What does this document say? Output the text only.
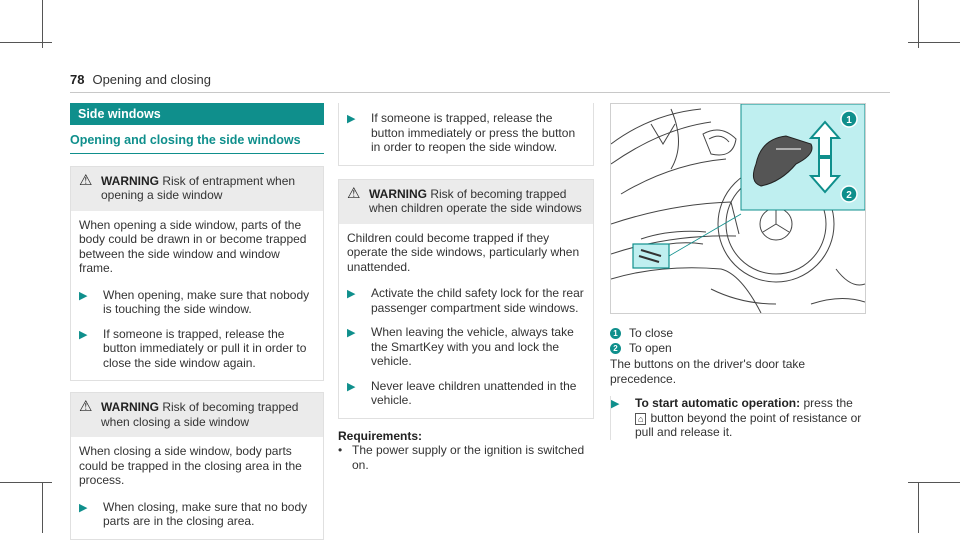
78 Opening and closing
Side windows
Opening and closing the side windows
⚠ WARNING Risk of entrapment when opening a side window

When opening a side window, parts of the body could be drawn in or become trapped between the side window and window frame.

▶	When opening, make sure that nobody is touching the side window.
▶	If someone is trapped, release the button immediately or pull it in order to close the side window again.
⚠ WARNING Risk of becoming trapped when closing a side window

When closing a side window, body parts could be trapped in the closing area in the process.

▶	When closing, make sure that no body parts are in the closing area.
▶	If someone is trapped, release the button immediately or press the button in order to reopen the side window.
⚠ WARNING Risk of becoming trapped when children operate the side windows

Children could become trapped if they operate the side windows, particularly when unattended.

▶	Activate the child safety lock for the rear passenger compartment side windows.
▶	When leaving the vehicle, always take the SmartKey with you and lock the vehicle.
▶	Never leave children unattended in the vehicle.
Requirements:
• The power supply or the ignition is switched on.
1
2
1 To close
2 To open

The buttons on the driver's door take precedence.

▶	To start automatic operation: press the
⌂ button beyond the point of resistance or pull and release it.
